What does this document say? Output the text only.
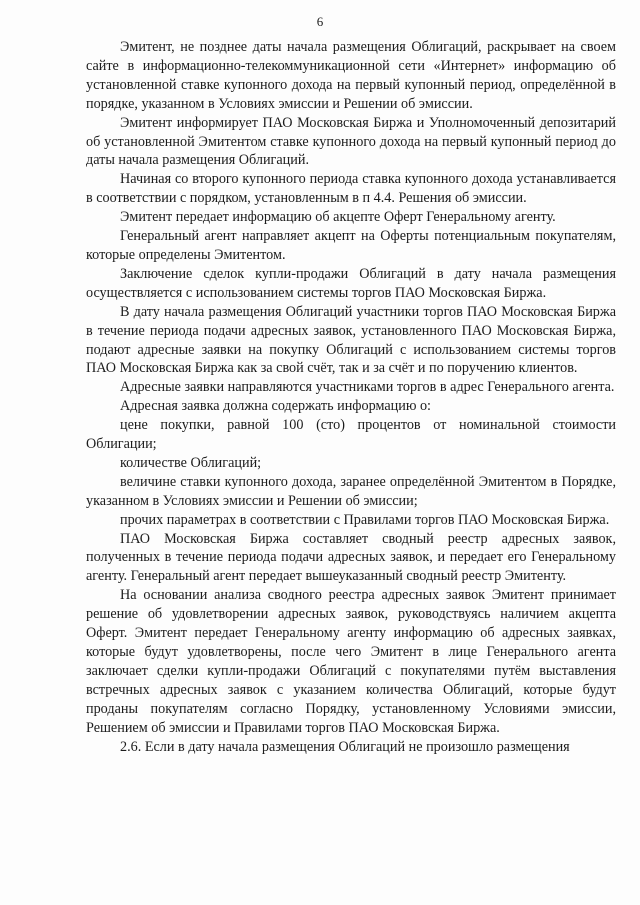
6

Эмитент, не позднее даты начала размещения Облигаций, раскрывает на своем сайте в информационно-телекоммуникационной сети «Интернет» информацию об установленной ставке купонного дохода на первый купонный период, определённой в порядке, указанном в Условиях эмиссии и Решении об эмиссии.

Эмитент информирует ПАО Московская Биржа и Уполномоченный депозитарий об установленной Эмитентом ставке купонного дохода на первый купонный период до даты начала размещения Облигаций.

Начиная со второго купонного периода ставка купонного дохода устанавливается в соответствии с порядком, установленным в п 4.4. Решения об эмиссии.

Эмитент передает информацию об акцепте Оферт Генеральному агенту.

Генеральный агент направляет акцепт на Оферты потенциальным покупателям, которые определены Эмитентом.

Заключение сделок купли-продажи Облигаций в дату начала размещения осуществляется с использованием системы торгов ПАО Московская Биржа.

В дату начала размещения Облигаций участники торгов ПАО Московская Биржа в течение периода подачи адресных заявок, установленного ПАО Московская Биржа, подают адресные заявки на покупку Облигаций с использованием системы торгов ПАО Московская Биржа как за свой счёт, так и за счёт и по поручению клиентов.

Адресные заявки направляются участниками торгов в адрес Генерального агента.

Адресная заявка должна содержать информацию о:

цене покупки, равной 100 (сто) процентов от номинальной стоимости Облигации;

количестве Облигаций;

величине ставки купонного дохода, заранее определённой Эмитентом в Порядке, указанном в Условиях эмиссии и Решении об эмиссии;

прочих параметрах в соответствии с Правилами торгов ПАО Московская Биржа.

ПАО Московская Биржа составляет сводный реестр адресных заявок, полученных в течение периода подачи адресных заявок, и передает его Генеральному агенту. Генеральный агент передает вышеуказанный сводный реестр Эмитенту.

На основании анализа сводного реестра адресных заявок Эмитент принимает решение об удовлетворении адресных заявок, руководствуясь наличием акцепта Оферт. Эмитент передает Генеральному агенту информацию об адресных заявках, которые будут удовлетворены, после чего Эмитент в лице Генерального агента заключает сделки купли-продажи Облигаций с покупателями путём выставления встречных адресных заявок с указанием количества Облигаций, которые будут проданы покупателям согласно Порядку, установленному Условиями эмиссии, Решением об эмиссии и Правилами торгов ПАО Московская Биржа.

2.6. Если в дату начала размещения Облигаций не произошло размещения
